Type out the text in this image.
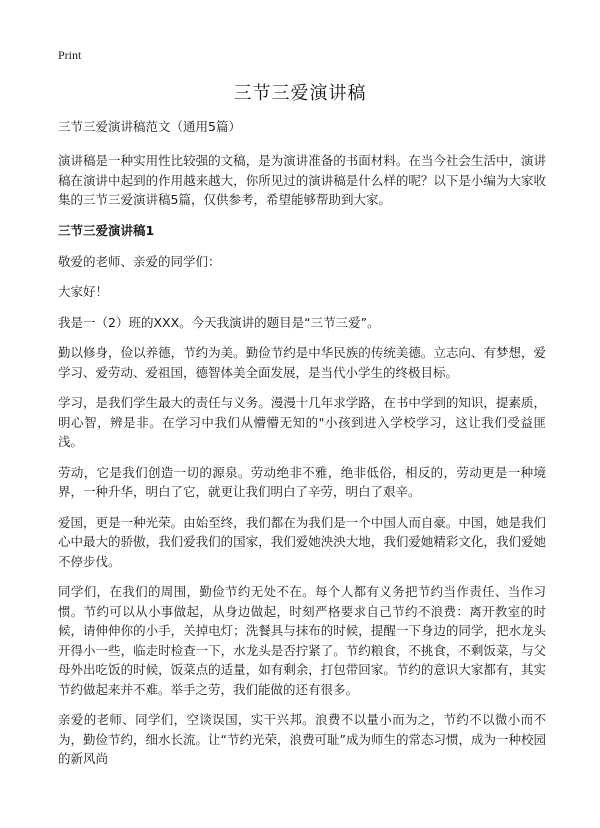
Print
三节三爱演讲稿

三节三爱演讲稿范文（通用5篇）

演讲稿是一种实用性比较强的文稿，是为演讲准备的书面材料。在当今社会生活中，演讲稿在演讲中起到的作用越来越大，你所见过的演讲稿是什么样的呢？以下是小编为大家收集的三节三爱演讲稿5篇，仅供参考，希望能够帮助到大家。

三节三爱演讲稿1

敬爱的老师、亲爱的同学们：

大家好！

我是一（2）班的XXX。今天我演讲的题目是“三节三爱”。

勤以修身，俭以养德，节约为美。勤俭节约是中华民族的传统美德。立志向、有梦想，爱学习、爱劳动、爱祖国，德智体美全面发展，是当代小学生的终极目标。

学习，是我们学生最大的责任与义务。漫漫十几年求学路，在书中学到的知识，提素质，明心智，辨是非。在学习中我们从懵懵无知的"小孩到进入学校学习，这让我们受益匪浅。

劳动，它是我们创造一切的源泉。劳动绝非不雅，绝非低俗，相反的，劳动更是一种境界，一种升华，明白了它，就更让我们明白了辛劳，明白了艰辛。

爱国，更是一种光荣。由始至终，我们都在为我们是一个中国人而自豪。中国，她是我们心中最大的骄傲，我们爱我们的国家，我们爱她泱泱大地，我们爱她精彩文化，我们爱她不停步伐。

同学们，在我们的周围，勤俭节约无处不在。每个人都有义务把节约当作责任、当作习惯。节约可以从小事做起，从身边做起，时刻严格要求自己节约不浪费：离开教室的时候，请伸伸你的小手，关掉电灯；洗餐具与抹布的时候，提醒一下身边的同学，把水龙头开得小一些，临走时检查一下，水龙头是否拧紧了。节约粮食，不挑食，不剩饭菜，与父母外出吃饭的时候，饭菜点的适量，如有剩余，打包带回家。节约的意识大家都有，其实节约做起来并不难。举手之劳，我们能做的还有很多。

亲爱的老师、同学们，空谈误国，实干兴邦。浪费不以量小而为之，节约不以微小而不为，勤俭节约，细水长流。让“节约光荣，浪费可耻”成为师生的常态习惯，成为一种校园的新风尚
